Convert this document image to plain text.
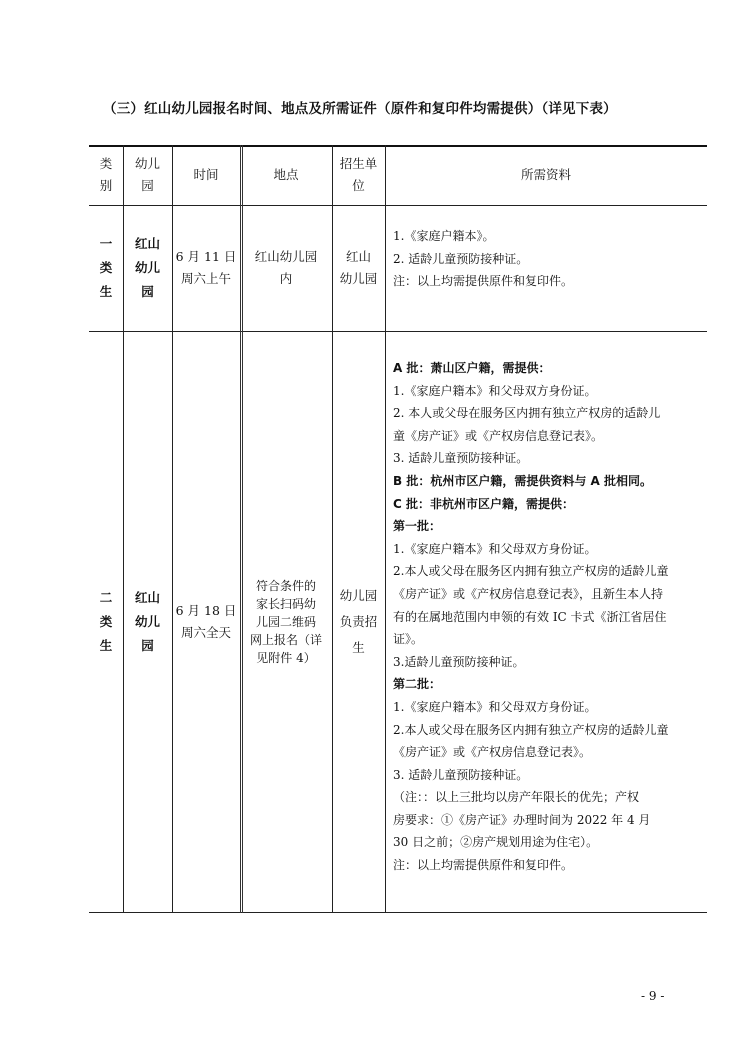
（三）红山幼儿园报名时间、地点及所需证件（原件和复印件均需提供）（详见下表）
类
别
幼儿
园
时间	地点
招生单
位
所需资料
一
类
生
红山
幼儿
园
6 月 11 日
周六上午
红山幼儿园
内
红山
幼儿园
1.《家庭户籍本》。
2. 适龄儿童预防接种证。
注：以上均需提供原件和复印件。
二
类
生
红山
幼儿
园
6 月 18 日
周六全天
符合条件的
家长扫码幼
儿园二维码
网上报名（详
见附件 4）
幼儿园
负责招
生
A 批：萧山区户籍，需提供：
1.《家庭户籍本》和父母双方身份证。
2. 本人或父母在服务区内拥有独立产权房的适龄儿
童《房产证》或《产权房信息登记表》。
3. 适龄儿童预防接种证。
B 批：杭州市区户籍，需提供资料与 A 批相同。
C 批：非杭州市区户籍，需提供：
第一批：
1.《家庭户籍本》和父母双方身份证。
2.本人或父母在服务区内拥有独立产权房的适龄儿童
《房产证》或《产权房信息登记表》，且新生本人持
有的在属地范围内申领的有效 IC 卡式《浙江省居住
证》。
3.适龄儿童预防接种证。
第二批：
1.《家庭户籍本》和父母双方身份证。
2.本人或父母在服务区内拥有独立产权房的适龄儿童
《房产证》或《产权房信息登记表》。
3. 适龄儿童预防接种证。
（注：：以上三批均以房产年限长的优先；产权
房要求：①《房产证》办理时间为 2022 年 4 月
30 日之前；②房产规划用途为住宅）。
注：以上均需提供原件和复印件。
- 9 -
